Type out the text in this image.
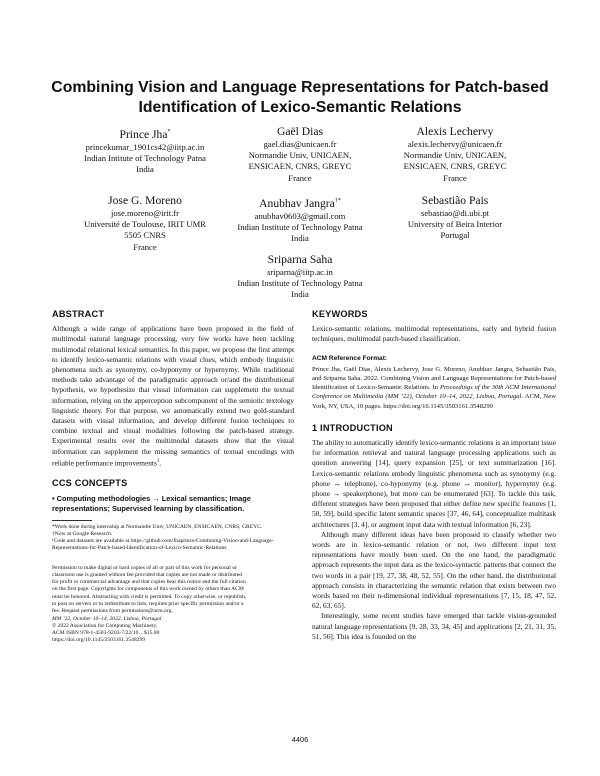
Combining Vision and Language Representations for Patch-based
Identification of Lexico-Semantic Relations
Prince Jha*
princekumar_1901cs42@iitp.ac.in
Indian Intitute of Technology Patna
India
Gaël Dias
gael.dias@unicaen.fr
Normandie Univ, UNICAEN,
ENSICAEN, CNRS, GREYC
France
Alexis Lechervy
alexis.lechervy@unicaen.fr
Normandie Univ, UNICAEN,
ENSICAEN, CNRS, GREYC
France
Jose G. Moreno
jose.moreno@irit.fr
Université de Toulouse, IRIT UMR
5505 CNRS
France
Anubhav Jangra†*
anubhav0603@gmail.com
Indian Institute of Technology Patna
India
Sebastião Pais
sebastiao@di.ubi.pt
University of Beira Interior
Portugal
Sriparna Saha
sriparna@iitp.ac.in
Indian Institute of Technology Patna
India
ABSTRACT

Although a wide range of applications have been proposed in the field of multimodal natural language processing, very few works have been tackling multimodal relational lexical semantics. In this paper, we propose the first attempt to identify lexico-semantic relations with visual clues, which embody linguistic phenomena such as synonymy, co-hyponymy or hypernymy. While traditional methods take advantage of the paradigmatic approach or/and the distributional hypothesis, we hypothesize that visual information can supplement the textual information, relying on the apperception subcomponent of the semiotic textology linguistic theory. For that purpose, we automatically extend two gold-standard datasets with visual information, and develop different fusion techniques to combine textual and visual modalities following the patch-based strategy. Experimental results over the multimodal datasets show that the visual information can supplement the missing semantics of textual encodings with reliable performance improvements$^1$.

CCS CONCEPTS
• Computing methodologies → Lexical semantics; Image representations; Supervised learning by classification.

*Work done during internship at Normandie Univ, UNICAEN, ENSICAEN, CNRS, GREYC.

†Now at Google Research.

¹Code and datasets are available at https://github.com/Jhaprince/Combining-Vision-and-Language-Representations-for-Patch-based-Identification-of-Lexico-Semantic-Relations

Permission to make digital or hard copies of all or part of this work for personal or
classroom use is granted without fee provided that copies are not made or distributed
for profit or commercial advantage and that copies bear this notice and the full citation
on the first page. Copyrights for components of this work owned by others than ACM
must be honored. Abstracting with credit is permitted. To copy otherwise, or republish,
to post on servers or to redistribute to lists, requires prior specific permission and/or a
fee. Request permissions from permissions@acm.org.
MM ’22, October 10–14, 2022, Lisboa, Portugal
© 2022 Association for Computing Machinery.
ACM ISBN 978-1-4503-9203-7/22/10…$15.00
https://doi.org/10.1145/3503161.3548299
KEYWORDS

Lexico-semantic relations, multimodal representations, early and hybrid fusion techniques, multimodal patch-based classification.

ACM Reference Format:

Prince Jha, Gaël Dias, Alexis Lechervy, Jose G. Moreno, Anubhav Jangra, Sebastião Pais, and Sriparna Saha. 2022. Combining Vision and Language Representations for Patch-based Identification of Lexico-Semantic Relations. In Proceedings of the 30th ACM International Conference on Multimedia (MM ’22), October 10–14, 2022, Lisboa, Portugal. ACM, New York, NY, USA, 10 pages. https://doi.org/10.1145/3503161.3548299

1 INTRODUCTION

The ability to automatically identify lexico-semantic relations is an important issue for information retrieval and natural language processing applications such as question answering [14], query expansion [25], or text summarization [16]. Lexico-semantic relations embody linguistic phenomena such as synonymy (e.g. phone ↔ telephone), co-hyponymy (e.g. phone ↔ monitor), hypernymy (e.g. phone → speakerphone), but more can be enumerated [63]. To tackle this task, different strategies have been proposed that either define new specific features [1, 50, 59], build specific latent semantic spaces [37, 46, 64], conceptualize multitask architectures [3, 4], or augment input data with textual information [6, 23].

Although many different ideas have been proposed to classify whether two words are in lexico-semantic relation or not, two different input text representations have mostly been used. On the one hand, the paradigmatic approach represents the input data as the lexico-syntactic patterns that connect the two words in a pair [19, 27, 38, 48, 52, 55]. On the other hand, the distributional approach consists in characterizing the semantic relation that exists between two words based on their n-dimensional individual representations [7, 15, 18, 47, 52, 62, 63, 65].

Interestingly, some recent studies have emerged that tackle vision-grounded natural language representations [9, 28, 33, 34, 45] and applications [2, 21, 31, 35, 51, 56]. This idea is founded on the

4406
